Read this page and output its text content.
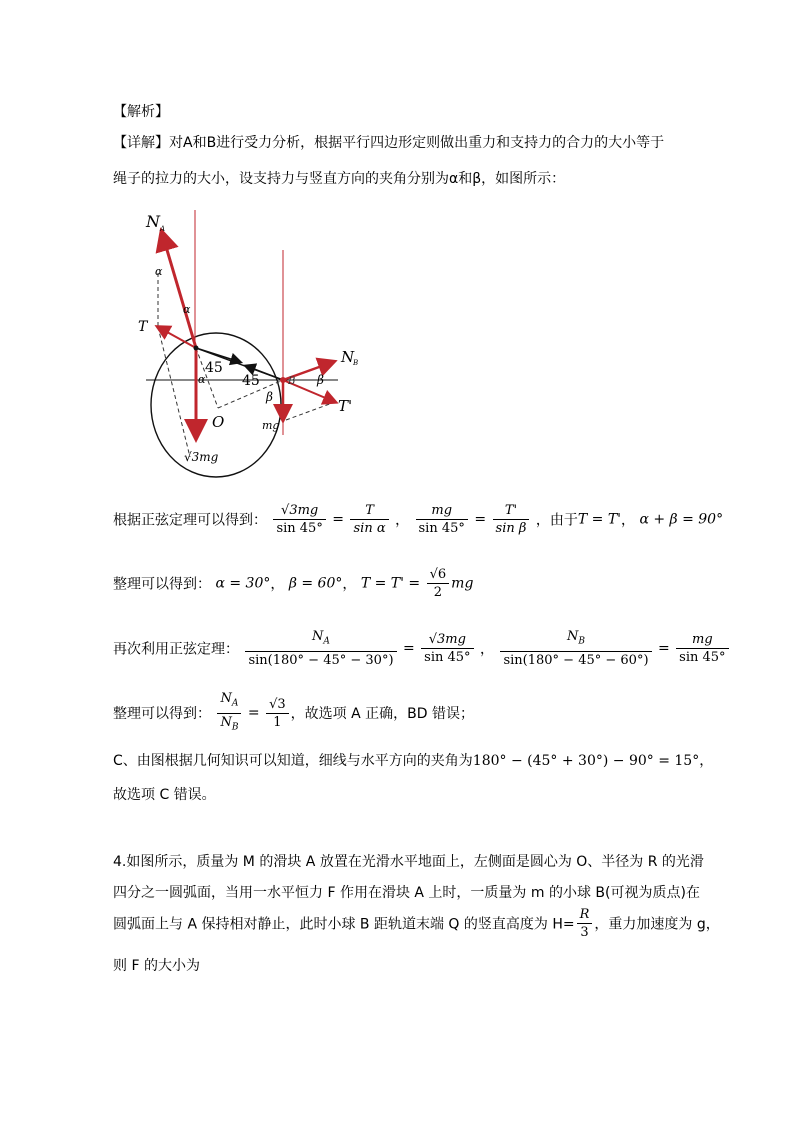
【解析】
【详解】对A和B进行受力分析，根据平行四边形定则做出重力和支持力的合力的大小等于
绳子的拉力的大小，设支持力与竖直方向的夹角分别为α和β，如图所示：
N A
α
α
α
T
45
45	B β
β
N
B
T'
O	mg
√3mg
根据正弦定理可以得到： $\frac{√3mg}{\sin 45^\circ} = \frac{T}{\text{sin α}}$ ， $\frac{mg}{\sin 45^\circ} = \frac{T'}{\text{sin β}}$ ，由于T = T'， α + β = 90°
整理可以得到： α = 30°， β = 60°， $T = T' = \frac{√6}{2}$ mg
再次利用正弦定理： $\frac{N_A}{\sin(180^\circ - 45^\circ - 30^\circ)} = \frac{√3mg}{\sin 45^\circ}$ ， $\frac{N_B}{\sin(180^\circ - 45^\circ - 60^\circ)} = \frac{mg}{\sin 45^\circ}$
整理可以得到： $\frac{N_A}{N_B} = \frac{√3}{1}$ ，故选项 A 正确，BD 错误；
C、由图根据几何知识可以知道，细线与水平方向的夹角为180° − (45° + 30°) − 90° = 15°，
故选项 C 错误。
4.如图所示，质量为 M 的滑块 A 放置在光滑水平地面上，左侧面是圆心为 O、半径为 R 的光滑
四分之一圆弧面，当用一水平恒力 F 作用在滑块 A 上时，一质量为 m 的小球 B(可视为质点)在
圆弧面上与 A 保持相对静止，此时小球 B 距轨道末端 Q 的竖直高度为 $H= \frac{R}{3}$ ，重力加速度为 g，
则 F 的大小为
